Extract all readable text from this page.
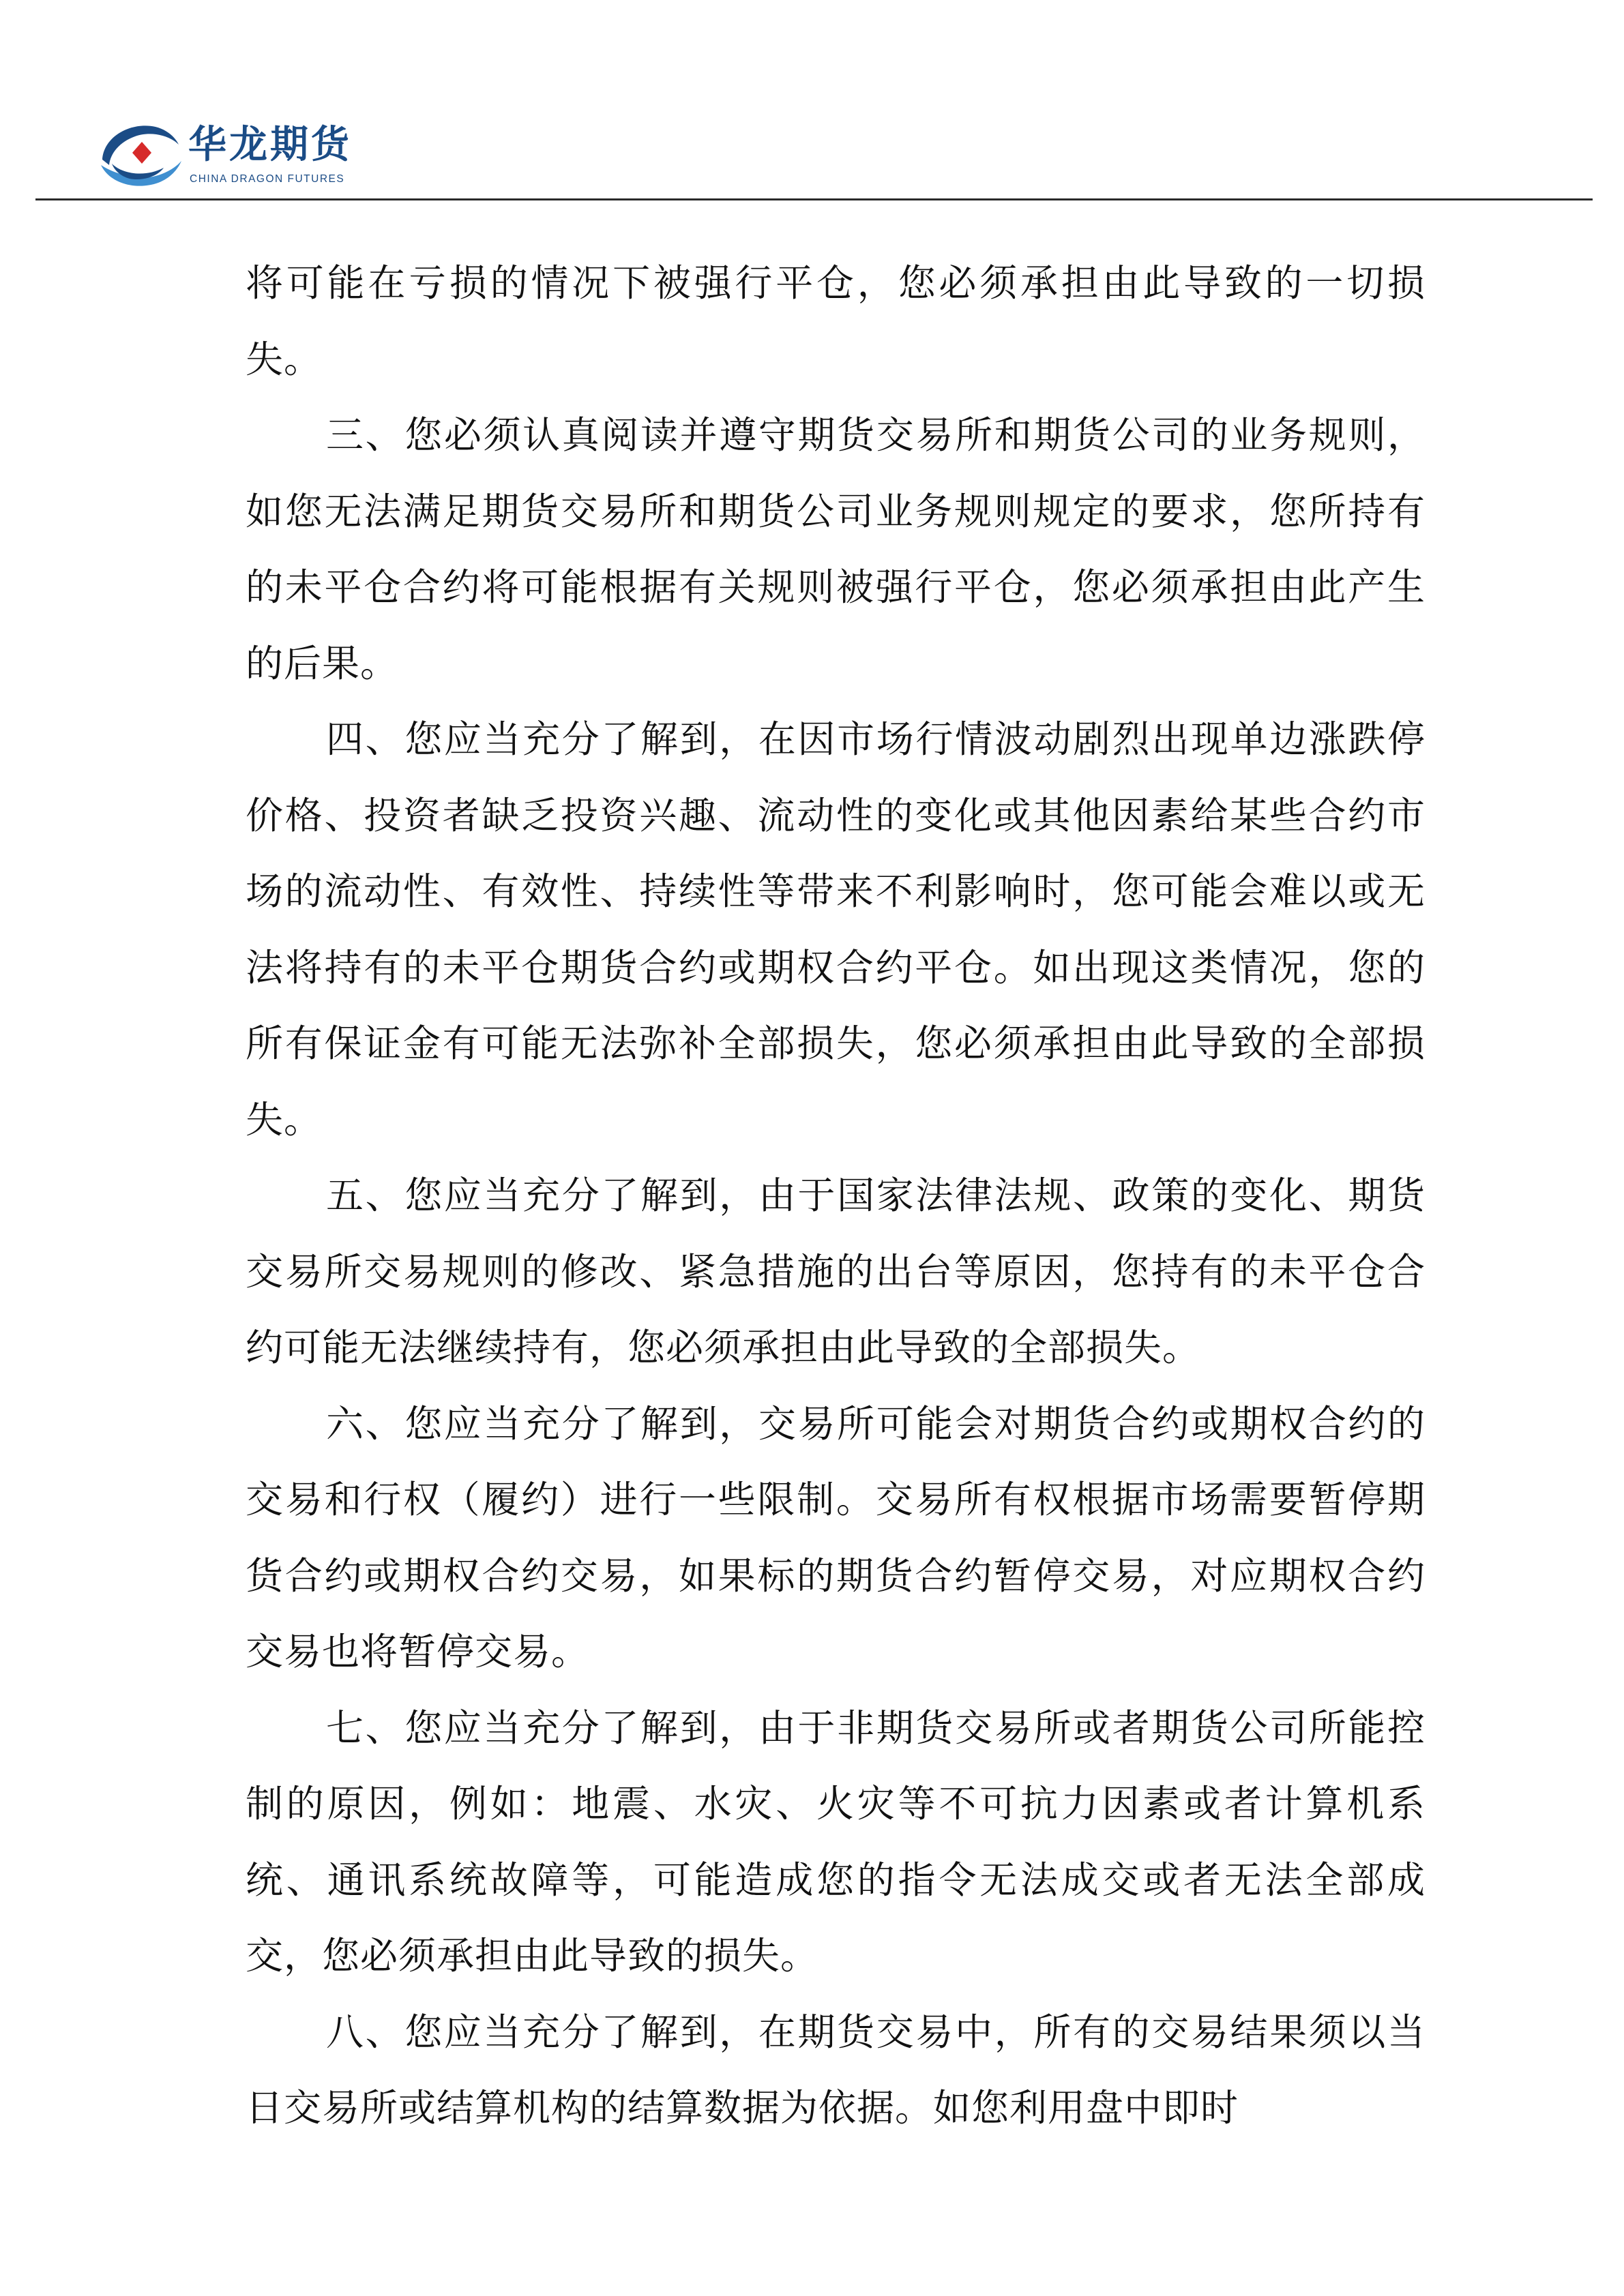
华龙期货
CHINA DRAGON FUTURES

将可能在亏损的情况下被强行平仓，您必须承担由此导致的一切损失。

三、您必须认真阅读并遵守期货交易所和期货公司的业务规则，如您无法满足期货交易所和期货公司业务规则规定的要求，您所持有的未平仓合约将可能根据有关规则被强行平仓，您必须承担由此产生的后果。

四、您应当充分了解到，在因市场行情波动剧烈出现单边涨跌停价格、投资者缺乏投资兴趣、流动性的变化或其他因素给某些合约市场的流动性、有效性、持续性等带来不利影响时，您可能会难以或无法将持有的未平仓期货合约或期权合约平仓。如出现这类情况，您的所有保证金有可能无法弥补全部损失，您必须承担由此导致的全部损失。

五、您应当充分了解到，由于国家法律法规、政策的变化、期货交易所交易规则的修改、紧急措施的出台等原因，您持有的未平仓合约可能无法继续持有，您必须承担由此导致的全部损失。

六、您应当充分了解到，交易所可能会对期货合约或期权合约的交易和行权（履约）进行一些限制。交易所有权根据市场需要暂停期货合约或期权合约交易，如果标的期货合约暂停交易，对应期权合约交易也将暂停交易。

七、您应当充分了解到，由于非期货交易所或者期货公司所能控制的原因，例如：地震、水灾、火灾等不可抗力因素或者计算机系统、通讯系统故障等，可能造成您的指令无法成交或者无法全部成交，您必须承担由此导致的损失。

八、您应当充分了解到，在期货交易中，所有的交易结果须以当日交易所或结算机构的结算数据为依据。如您利用盘中即时
